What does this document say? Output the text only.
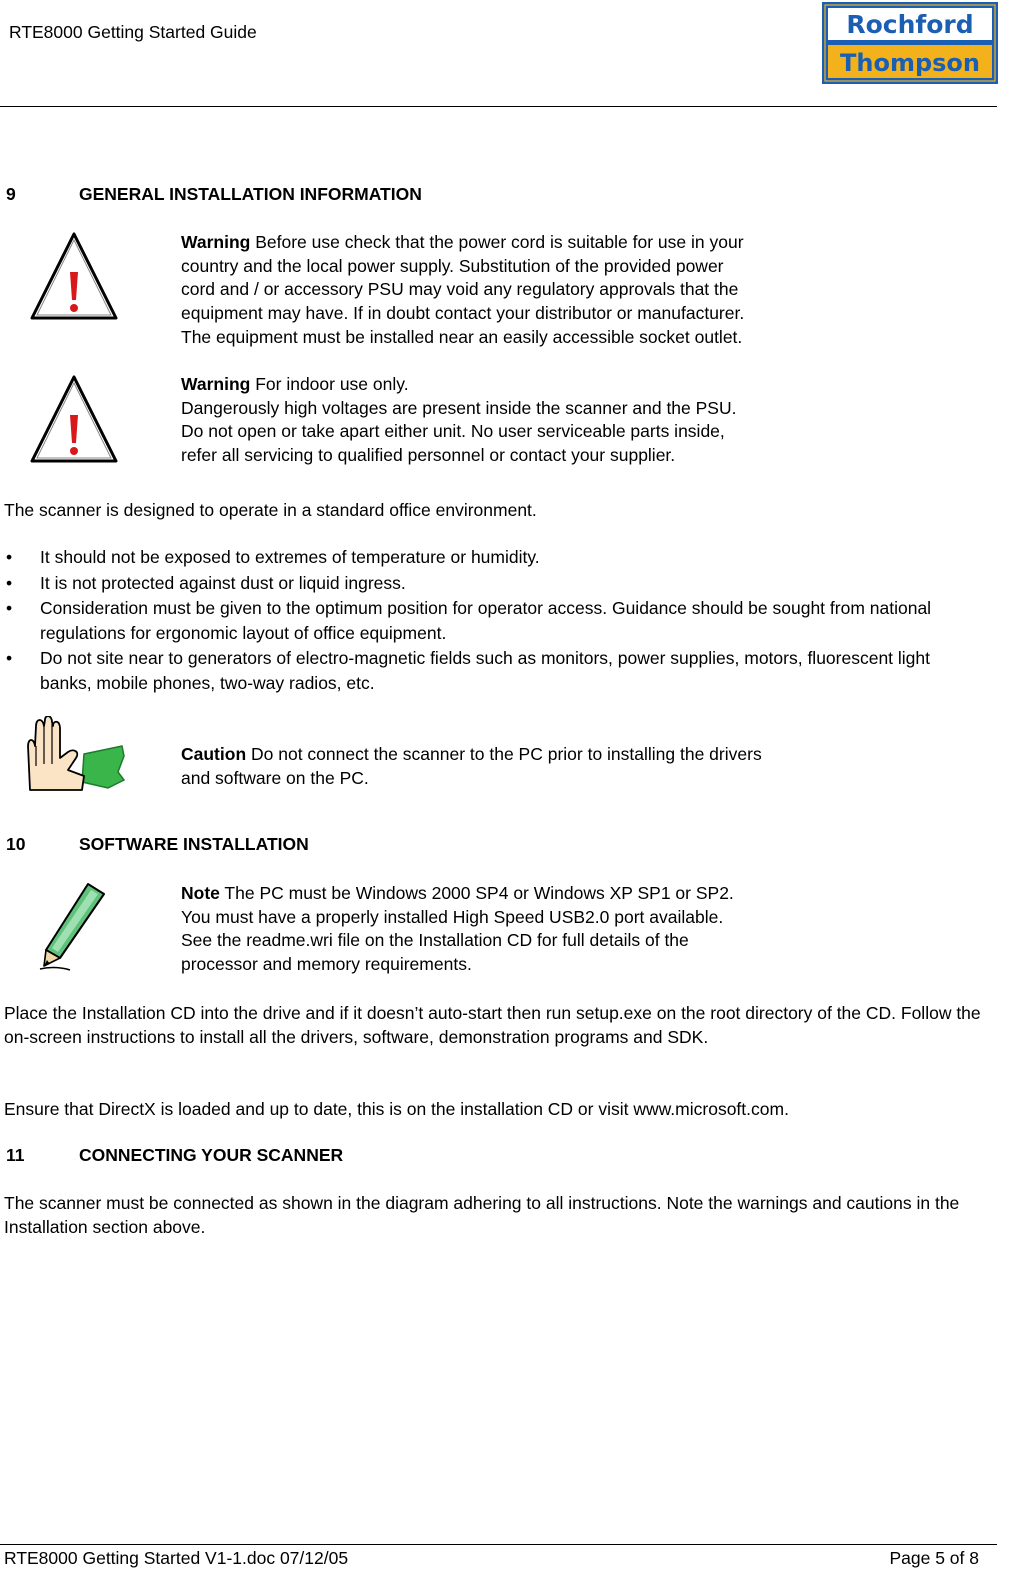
RTE8000 Getting Started Guide	Rochford
Thompson
9	GENERAL INSTALLATION INFORMATION
Warning Before use check that the power cord is suitable for use in your
country and the local power supply. Substitution of the provided power
cord and / or accessory PSU may void any regulatory approvals that the
equipment may have. If in doubt contact your distributor or manufacturer.
The equipment must be installed near an easily accessible socket outlet.
Warning For indoor use only.
Dangerously high voltages are present inside the scanner and the PSU.
Do not open or take apart either unit. No user serviceable parts inside,
refer all servicing to qualified personnel or contact your supplier.
The scanner is designed to operate in a standard office environment.
• It should not be exposed to extremes of temperature or humidity.
• It is not protected against dust or liquid ingress.
• Consideration must be given to the optimum position for operator access. Guidance should be sought from national regulations for ergonomic layout of office equipment.
• Do not site near to generators of electro-magnetic fields such as monitors, power supplies, motors, fluorescent light banks, mobile phones, two-way radios, etc.
Caution Do not connect the scanner to the PC prior to installing the drivers
and software on the PC.
10	SOFTWARE INSTALLATION
Note The PC must be Windows 2000 SP4 or Windows XP SP1 or SP2.
You must have a properly installed High Speed USB2.0 port available.
See the readme.wri file on the Installation CD for full details of the
processor and memory requirements.
Place the Installation CD into the drive and if it doesn’t auto-start then run setup.exe on the root directory of the CD. Follow the on-screen instructions to install all the drivers, software, demonstration programs and SDK.
Ensure that DirectX is loaded and up to date, this is on the installation CD or visit www.microsoft.com.
11	CONNECTING YOUR SCANNER
The scanner must be connected as shown in the diagram adhering to all instructions. Note the warnings and cautions in the Installation section above.
RTE8000 Getting Started V1-1.doc 07/12/05	Page 5 of 8
